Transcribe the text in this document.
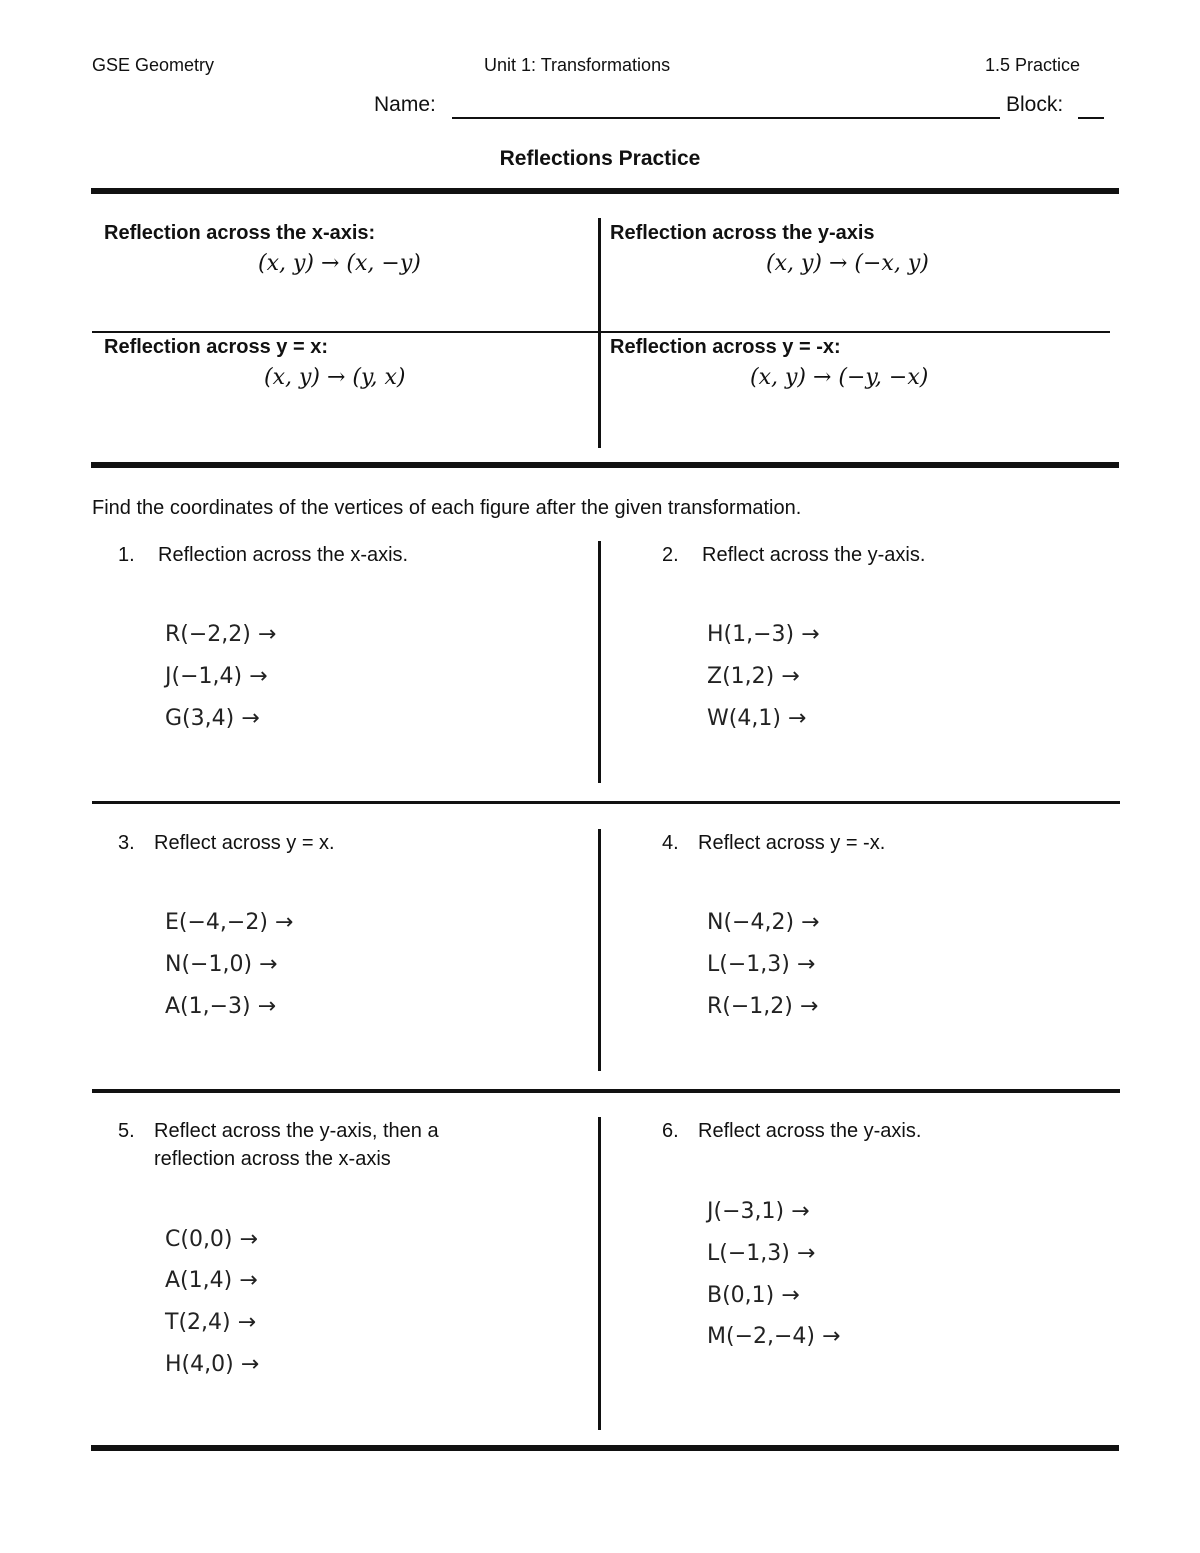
GSE Geometry	Unit 1: Transformations	1.5 Practice
Name:	Block:
Reflections Practice
Reflection across the x-axis:
(x, y) → (x, −y)
Reflection across the y-axis
(x, y) → (−x, y)
Reflection across y = x:
(x, y) → (y, x)
Reflection across y = -x:
(x, y) → (−y, −x)
Find the coordinates of the vertices of each figure after the given transformation.
1. Reflection across the x-axis.
R(−2,2) →
J(−1,4) →
G(3,4) →
2. Reflect across the y-axis.
H(1,−3) →
Z(1,2) →
W(4,1) →
3. Reflect across y = x.
E(−4,−2) →
N(−1,0) →
A(1,−3) →
4. Reflect across y = -x.
N(−4,2) →
L(−1,3) →
R(−1,2) →
5. Reflect across the y-axis, then a
reflection across the x-axis
C(0,0) →
A(1,4) →
T(2,4) →
H(4,0) →
6. Reflect across the y-axis.
J(−3,1) →
L(−1,3) →
B(0,1) →
M(−2,−4) →
